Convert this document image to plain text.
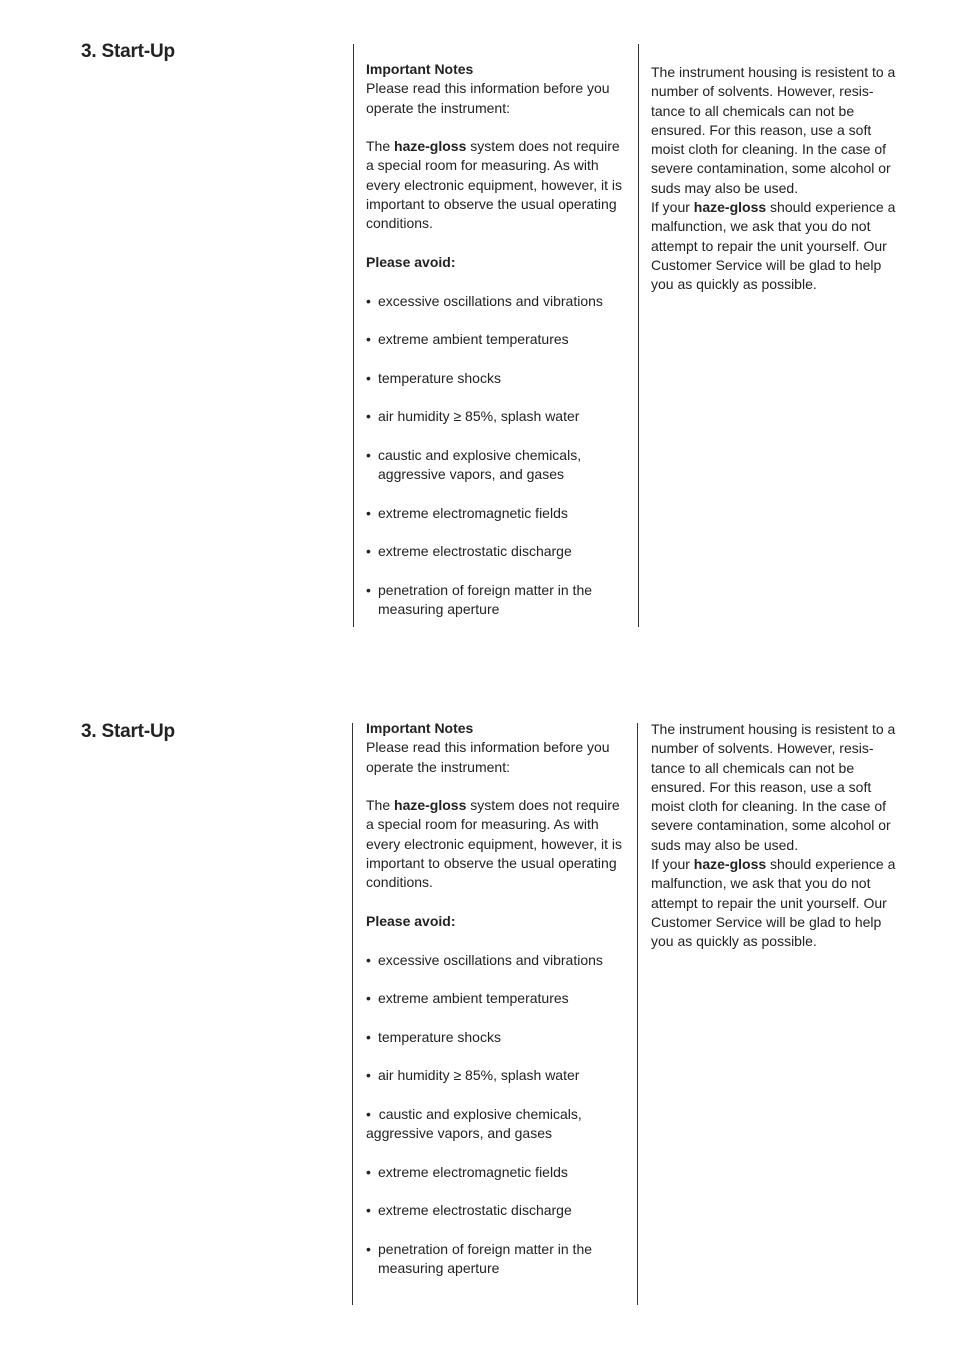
3. Start-Up

Important Notes

Please read this information before you operate the instrument:

The haze-gloss system does not require a special room for measuring. As with every electronic equipment, however, it is important to observe the usual operating conditions.

Please avoid:

• excessive oscillations and vibrations

• extreme ambient temperatures

• temperature shocks

• air humidity ≥ 85%, splash water

• caustic and explosive chemicals, aggressive vapors, and gases

• extreme electromagnetic fields

• extreme electrostatic discharge

• penetration of foreign matter in the measuring aperture

The instrument housing is resistent to a
number of solvents. However, resis-
tance to all chemicals can not be
ensured. For this reason, use a soft
moist cloth for cleaning. In the case of
severe contamination, some alcohol or
suds may also be used.
If your haze-gloss should experience a
malfunction, we ask that you do not
attempt to repair the unit yourself. Our
Customer Service will be glad to help
you as quickly as possible.
3. Start-Up	Important Notes

Please read this information before you operate the instrument:

The haze-gloss system does not require a special room for measuring. As with every electronic equipment, however, it is important to observe the usual operating conditions.

Please avoid:

• excessive oscillations and vibrations

• extreme ambient temperatures

• temperature shocks

• air humidity ≥ 85%, splash water

• caustic and explosive chemicals, aggressive vapors, and gases

• extreme electromagnetic fields

• extreme electrostatic discharge

• penetration of foreign matter in the measuring aperture

The instrument housing is resistent to a
number of solvents. However, resis-
tance to all chemicals can not be
ensured. For this reason, use a soft
moist cloth for cleaning. In the case of
severe contamination, some alcohol or
suds may also be used.
If your haze-gloss should experience a
malfunction, we ask that you do not
attempt to repair the unit yourself. Our
Customer Service will be glad to help
you as quickly as possible.
